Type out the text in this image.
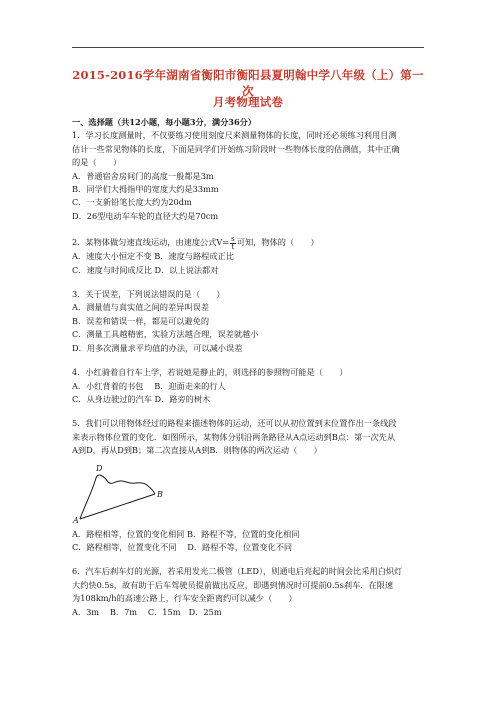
2015-2016学年湖南省衡阳市衡阳县夏明翰中学八年级（上）第一次
月考物理试卷
一、选择题（共12小题，每小题3分，满分36分）
1．学习长度测量时，不仅要练习使用刻度尺来测量物体的长度，同时还必须练习利用目测
估计一些常见物体的长度，下面是同学们开始练习阶段时一些物体长度的估测值，其中正确
的是（　　）
A．普通宿舍房间门的高度一般都是3m
B．同学们大拇指甲的宽度大约是33mm
C．一支新铅笔长度大约为20dm
D．26型电动车车轮的直径大约是70cm
2．某物体做匀速直线运动，由速度公式$V= \frac{s}{t}$ 可知，物体的（　　）
A．速度大小恒定不变 B．速度与路程成正比
C．速度与时间成反比 D．以上说法都对
3．关于误差，下列说法错误的是（　　）
A．测量值与真实值之间的差异叫误差
B．误差和错误一样，都是可以避免的
C．测量工具越精密，实验方法越合理，误差就越小
D．用多次测量求平均值的办法，可以减小误差
4．小红骑着自行车上学，若说她是静止的，则选择的参照物可能是（　　）
A．小红背着的书包　 B．迎面走来的行人
C．从身边驶过的汽车 D．路旁的树木
5．我们可以用物体经过的路程来描述物体的运动，还可以从初位置到末位置作出一条线段
来表示物体位置的变化．如图所示，某物体分别沿两条路径从A点运动到B点：第一次先从
A到D，再从D到B；第二次直接从A到B．则物体的两次运动（　　）
D
A
B
A．路程相等，位置的变化相同 B．路程不等，位置的变化相同
C．路程相等，位置变化不同　 D．路程不等，位置变化不同
6．汽车后刹车灯的光源，若采用发光二极管（LED），则通电后亮起的时间会比采用白炽灯
大约快0.5s，故有助于后车驾驶员提前做出反应，即遇到情况时可提前0.5s刹车．在限速
为108km/h的高速公路上，行车安全距离约可以减少（　　）
A．3m　 B．7m　 C．15m　D．25m
